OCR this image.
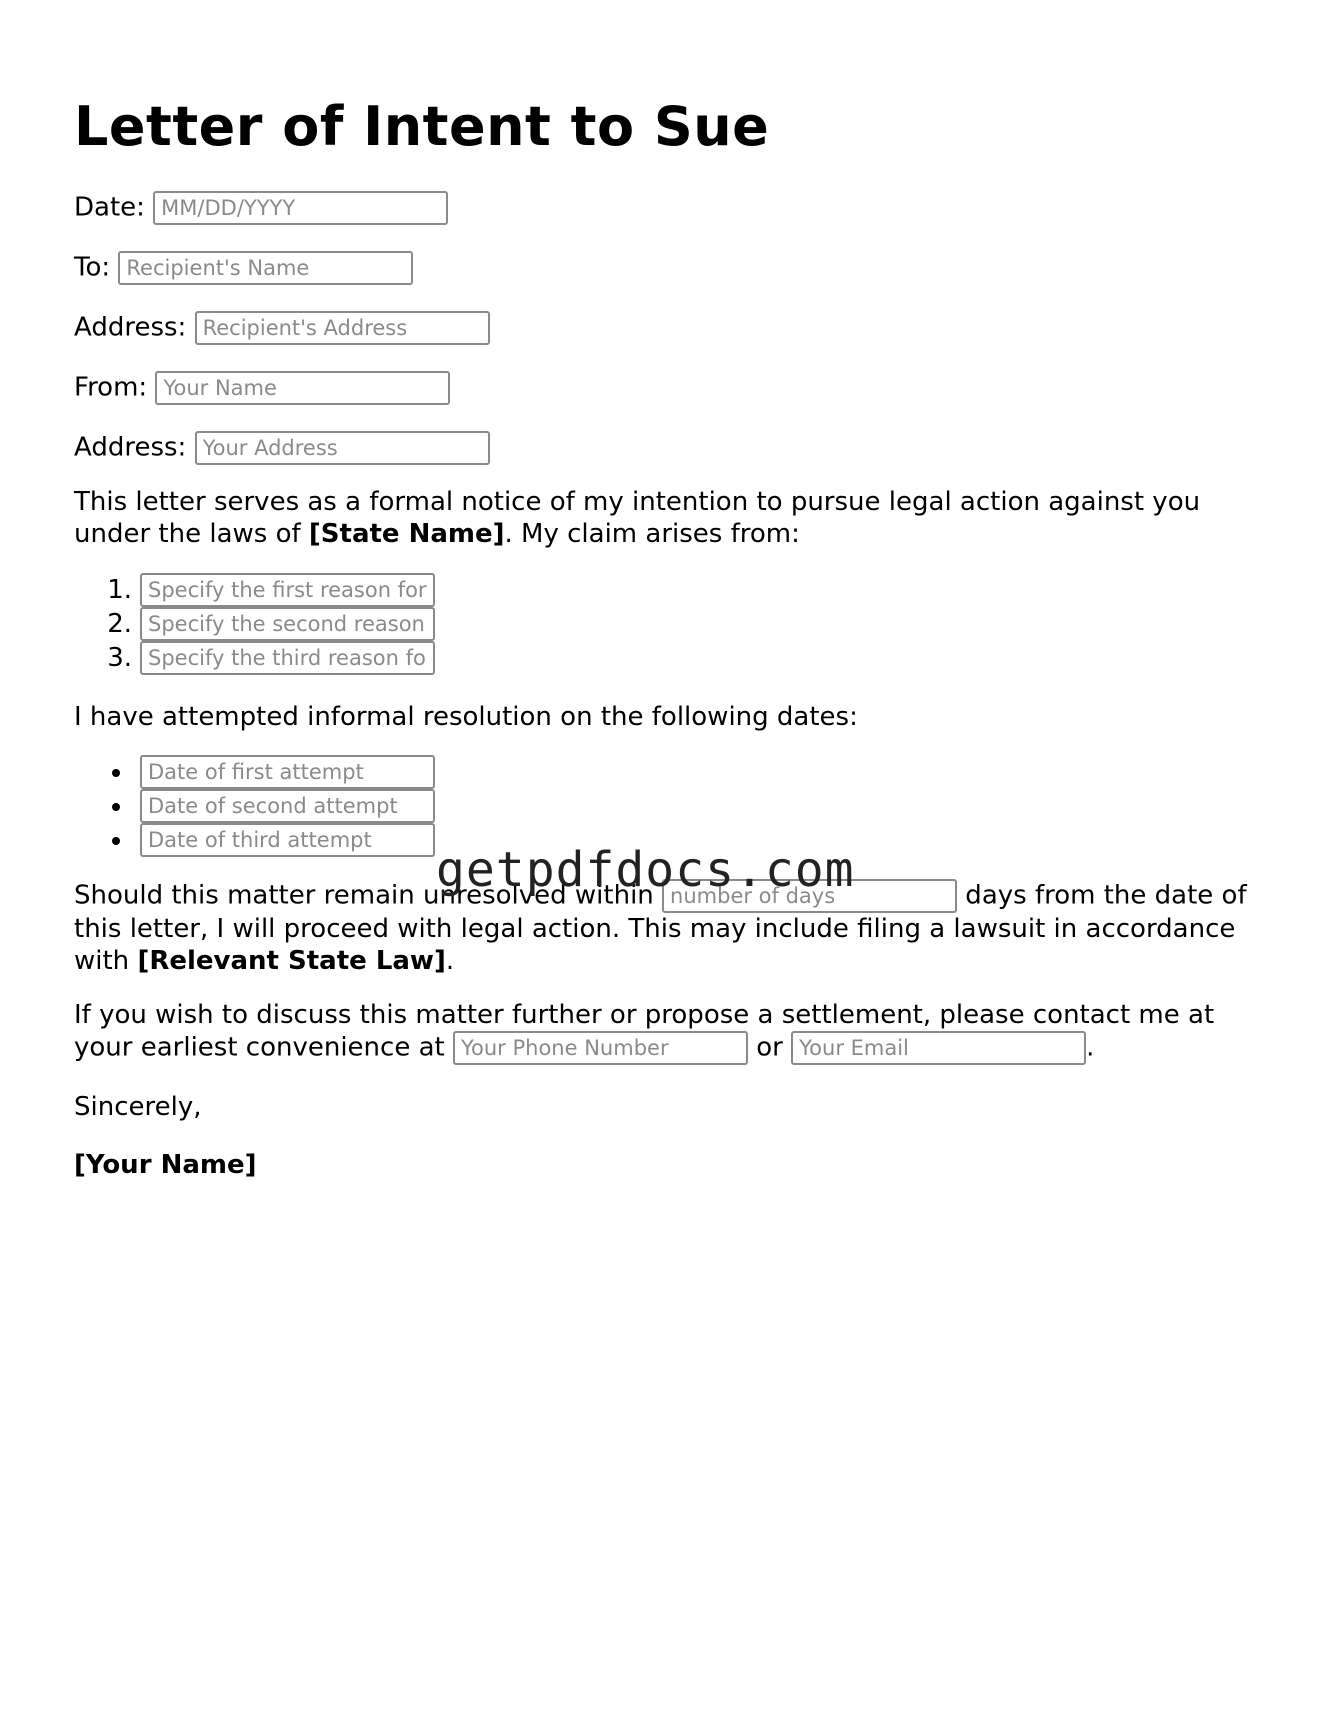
Letter of Intent to Sue
Date: MM/DD/YYYY
To: Recipient's Name
Address: Recipient's Address
From: Your Name
Address: Your Address

This letter serves as a formal notice of my intention to pursue legal action against you under the laws of [State Name]. My claim arises from:

1.
Specify the first reason for
2.
Specify the second reason
3.
Specify the third reason fo

I have attempted informal resolution on the following dates:

Date of first attempt
Date of second attempt
Date of third attempt

Should this matter remain unresolved within number of days	days from the date of this letter, I will proceed with legal action. This may include filing a lawsuit in accordance with [Relevant State Law].

If you wish to discuss this matter further or propose a settlement, please contact me at your earliest convenience at Your Phone Number	or Your Email	.

Sincerely,

[Your Name]

getpdfdocs.com
